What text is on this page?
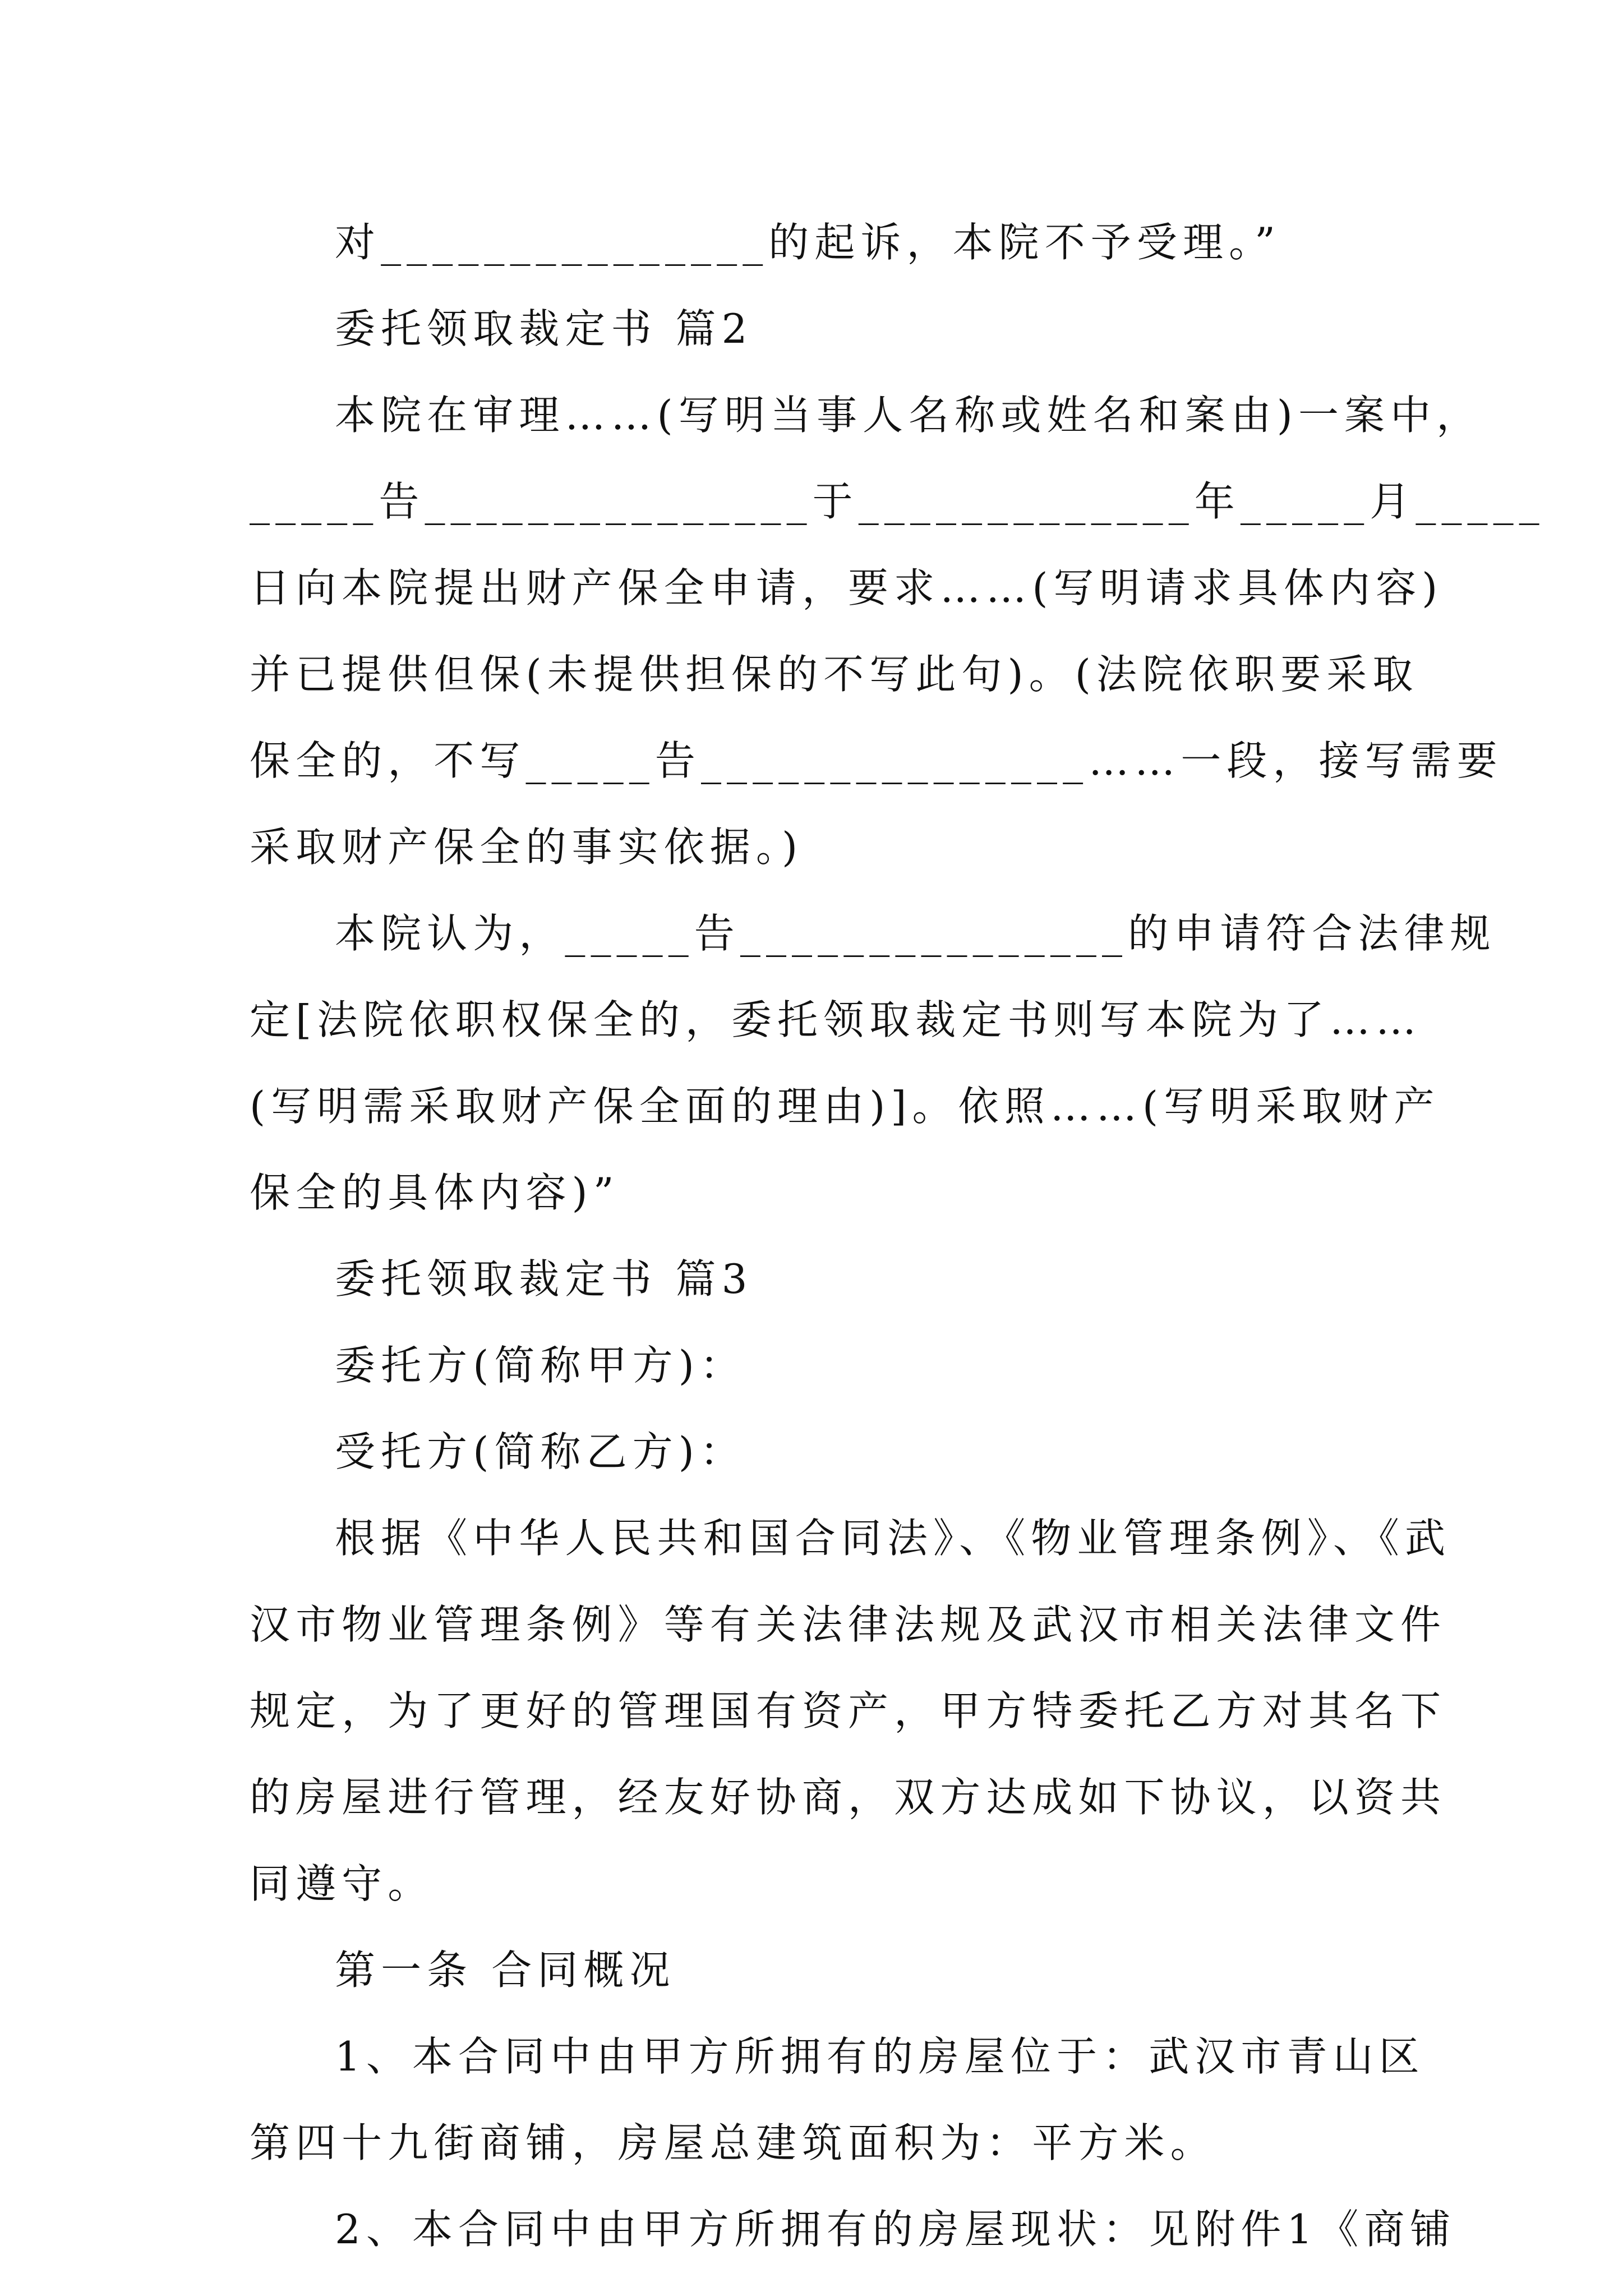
对_______________的起诉，本院不予受理。”
委托领取裁定书 篇2
本院在审理……(写明当事人名称或姓名和案由)一案中，
_____告_______________于_____________年_____月_____
日向本院提出财产保全申请，要求……(写明请求具体内容)
并已提供但保(未提供担保的不写此句)。(法院依职要采取
保全的，不写_____告_______________……一段，接写需要
采取财产保全的事实依据。)
本院认为，_____告_______________的申请符合法律规
定[法院依职权保全的，委托领取裁定书则写本院为了……
(写明需采取财产保全面的理由)]。依照……(写明采取财产
保全的具体内容)”
委托领取裁定书 篇3
委托方(简称甲方)：
受托方(简称乙方)：
根据《中华人民共和国合同法》、《物业管理条例》、《武
汉市物业管理条例》等有关法律法规及武汉市相关法律文件
规定，为了更好的管理国有资产，甲方特委托乙方对其名下
的房屋进行管理，经友好协商，双方达成如下协议，以资共
同遵守。
第一条 合同概况
1、本合同中由甲方所拥有的房屋位于：武汉市青山区
第四十九街商铺，房屋总建筑面积为：平方米。
2、本合同中由甲方所拥有的房屋现状：见附件1《商铺
